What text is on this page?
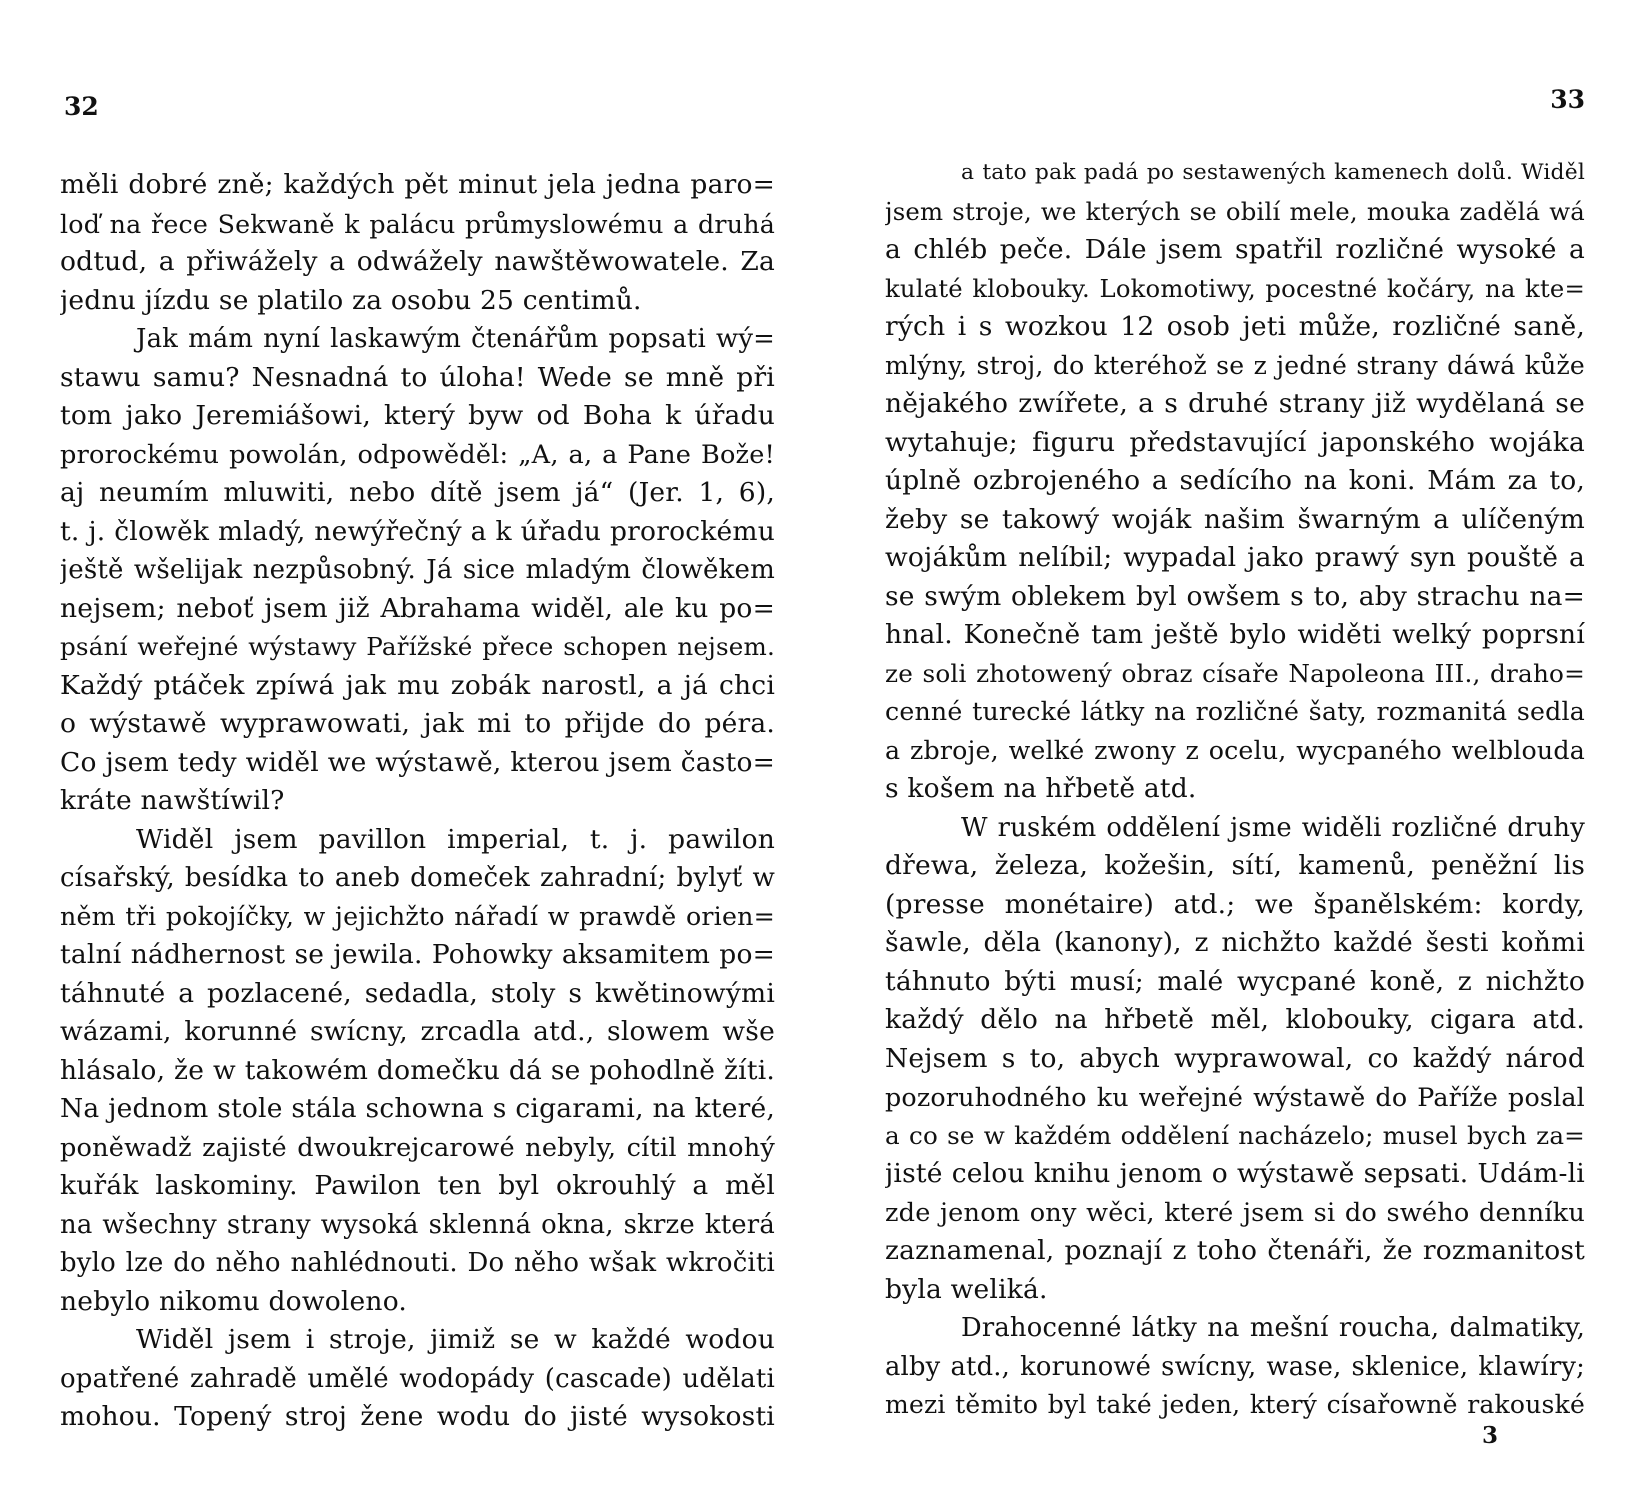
32
měli dobré zně; každých pět minut jela jedna paro=
loď na řece Sekwaně k palácu průmyslowému a druhá
odtud, a přiwážely a odwážely nawštěwowatele. Za
jednu jízdu se platilo za osobu 25 centimů.
Jak mám nyní laskawým čtenářům popsati wý=
stawu samu? Nesnadná to úloha! Wede se mně při
tom jako Jeremiášowi, který byw od Boha k úřadu
prorockému powolán, odpowěděl: „A, a, a Pane Bože!
aj neumím mluwiti, nebo dítě jsem já“ (Jer. 1, 6),
t. j. člowěk mladý, newýřečný a k úřadu prorockému
ještě wšelijak nezpůsobný. Já sice mladým člowěkem
nejsem; neboť jsem již Abrahama widěl, ale ku po=
psání weřejné wýstawy Pařížské přece schopen nejsem.
Každý ptáček zpíwá jak mu zobák narostl, a já chci
o wýstawě wyprawowati, jak mi to přijde do péra.
Co jsem tedy widěl we wýstawě, kterou jsem často=
kráte nawštíwil?
Widěl jsem pavillon imperial, t. j. pawilon
císařský, besídka to aneb domeček zahradní; bylyť w
něm tři pokojíčky, w jejichžto nářadí w prawdě orien=
talní nádhernost se jewila. Pohowky aksamitem po=
táhnuté a pozlacené, sedadla, stoly s kwětinowými
wázami, korunné swícny, zrcadla atd., slowem wše
hlásalo, že w takowém domečku dá se pohodlně žíti.
Na jednom stole stála schowna s cigarami, na které,
poněwadž zajisté dwoukrejcarowé nebyly, cítil mnohý
kuřák laskominy. Pawilon ten byl okrouhlý a měl
na wšechny strany wysoká sklenná okna, skrze která
bylo lze do něho nahlédnouti. Do něho wšak wkročiti
nebylo nikomu dowoleno.
Widěl jsem i stroje, jimiž se w každé wodou
opatřené zahradě umělé wodopády (cascade) udělati
mohou. Topený stroj žene wodu do jisté wysokosti
33
a tato pak padá po sestawených kamenech dolů. Widěl
jsem stroje, we kterých se obilí mele, mouka zadělá wá
a chléb peče. Dále jsem spatřil rozličné wysoké a
kulaté klobouky. Lokomotiwy, pocestné kočáry, na kte=
rých i s wozkou 12 osob jeti může, rozličné saně,
mlýny, stroj, do kteréhož se z jedné strany dáwá kůže
nějakého zwířete, a s druhé strany již wydělaná se
wytahuje; figuru představující japonského wojáka
úplně ozbrojeného a sedícího na koni. Mám za to,
žeby se takowý woják našim šwarným a ulíčeným
wojákům nelíbil; wypadal jako prawý syn pouště a
se swým oblekem byl owšem s to, aby strachu na=
hnal. Konečně tam ještě bylo widěti welký poprsní
ze soli zhotowený obraz císaře Napoleona III., draho=
cenné turecké látky na rozličné šaty, rozmanitá sedla
a zbroje, welké zwony z ocelu, wycpaného welblouda
s košem na hřbetě atd.
W ruském oddělení jsme widěli rozličné druhy
dřewa, železa, kožešin, sítí, kamenů, peněžní lis
(presse monétaire) atd.; we španělském: kordy,
šawle, děla (kanony), z nichžto každé šesti koňmi
táhnuto býti musí; malé wycpané koně, z nichžto
každý dělo na hřbetě měl, klobouky, cigara atd.
Nejsem s to, abych wyprawowal, co každý národ
pozoruhodného ku weřejné wýstawě do Paříže poslal
a co se w každém oddělení nacházelo; musel bych za=
jisté celou knihu jenom o wýstawě sepsati. Udám-li
zde jenom ony wěci, které jsem si do swého denníku
zaznamenal, poznají z toho čtenáři, že rozmanitost
byla weliká.
Drahocenné látky na mešní roucha, dalmatiky,
alby atd., korunowé swícny, wase, sklenice, klawíry;
mezi těmito byl také jeden, který císařowně rakouské
3
